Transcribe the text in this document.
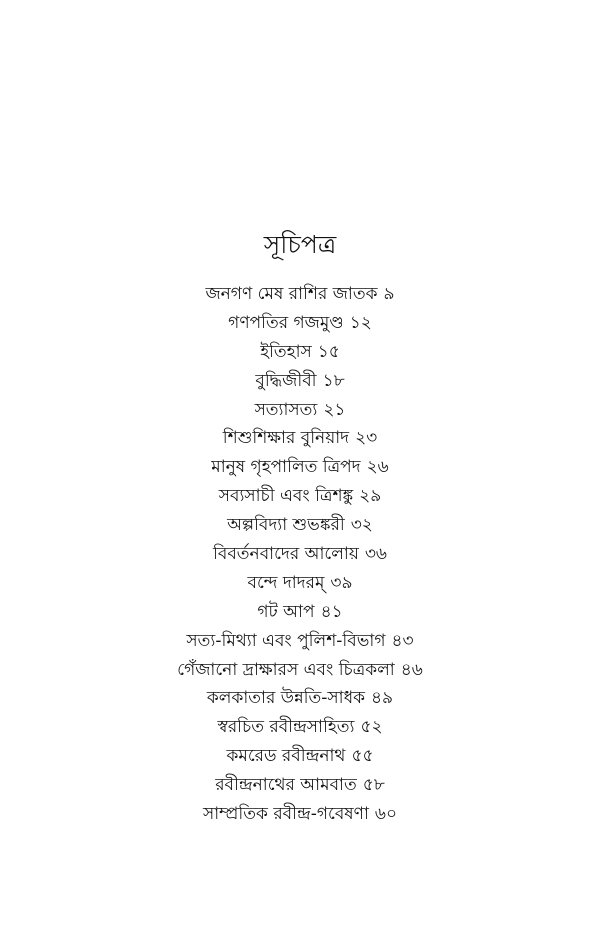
সূচিপত্র
জনগণ মেষ রাশির জাতক ৯
গণপতির গজমুণ্ড ১২
ইতিহাস ১৫
বুদ্ধিজীবী ১৮
সত্যাসত্য ২১
শিশুশিক্ষার বুনিয়াদ ২৩
মানুষ গৃহপালিত ত্রিপদ ২৬
সব্যসাচী এবং ত্রিশঙ্কু ২৯
অল্পবিদ্যা শুভঙ্করী ৩২
বিবর্তনবাদের আলোয় ৩৬
বন্দে দাদরম্ ৩৯
গট আপ ৪১
সত্য-মিথ্যা এবং পুলিশ-বিভাগ ৪৩
গেঁজানো দ্রাক্ষারস এবং চিত্রকলা ৪৬
কলকাতার উন্নতি-সাধক ৪৯
স্বরচিত রবীন্দ্রসাহিত্য ৫২
কমরেড রবীন্দ্রনাথ ৫৫
রবীন্দ্রনাথের আমবাত ৫৮
সাম্প্রতিক রবীন্দ্র-গবেষণা ৬০
